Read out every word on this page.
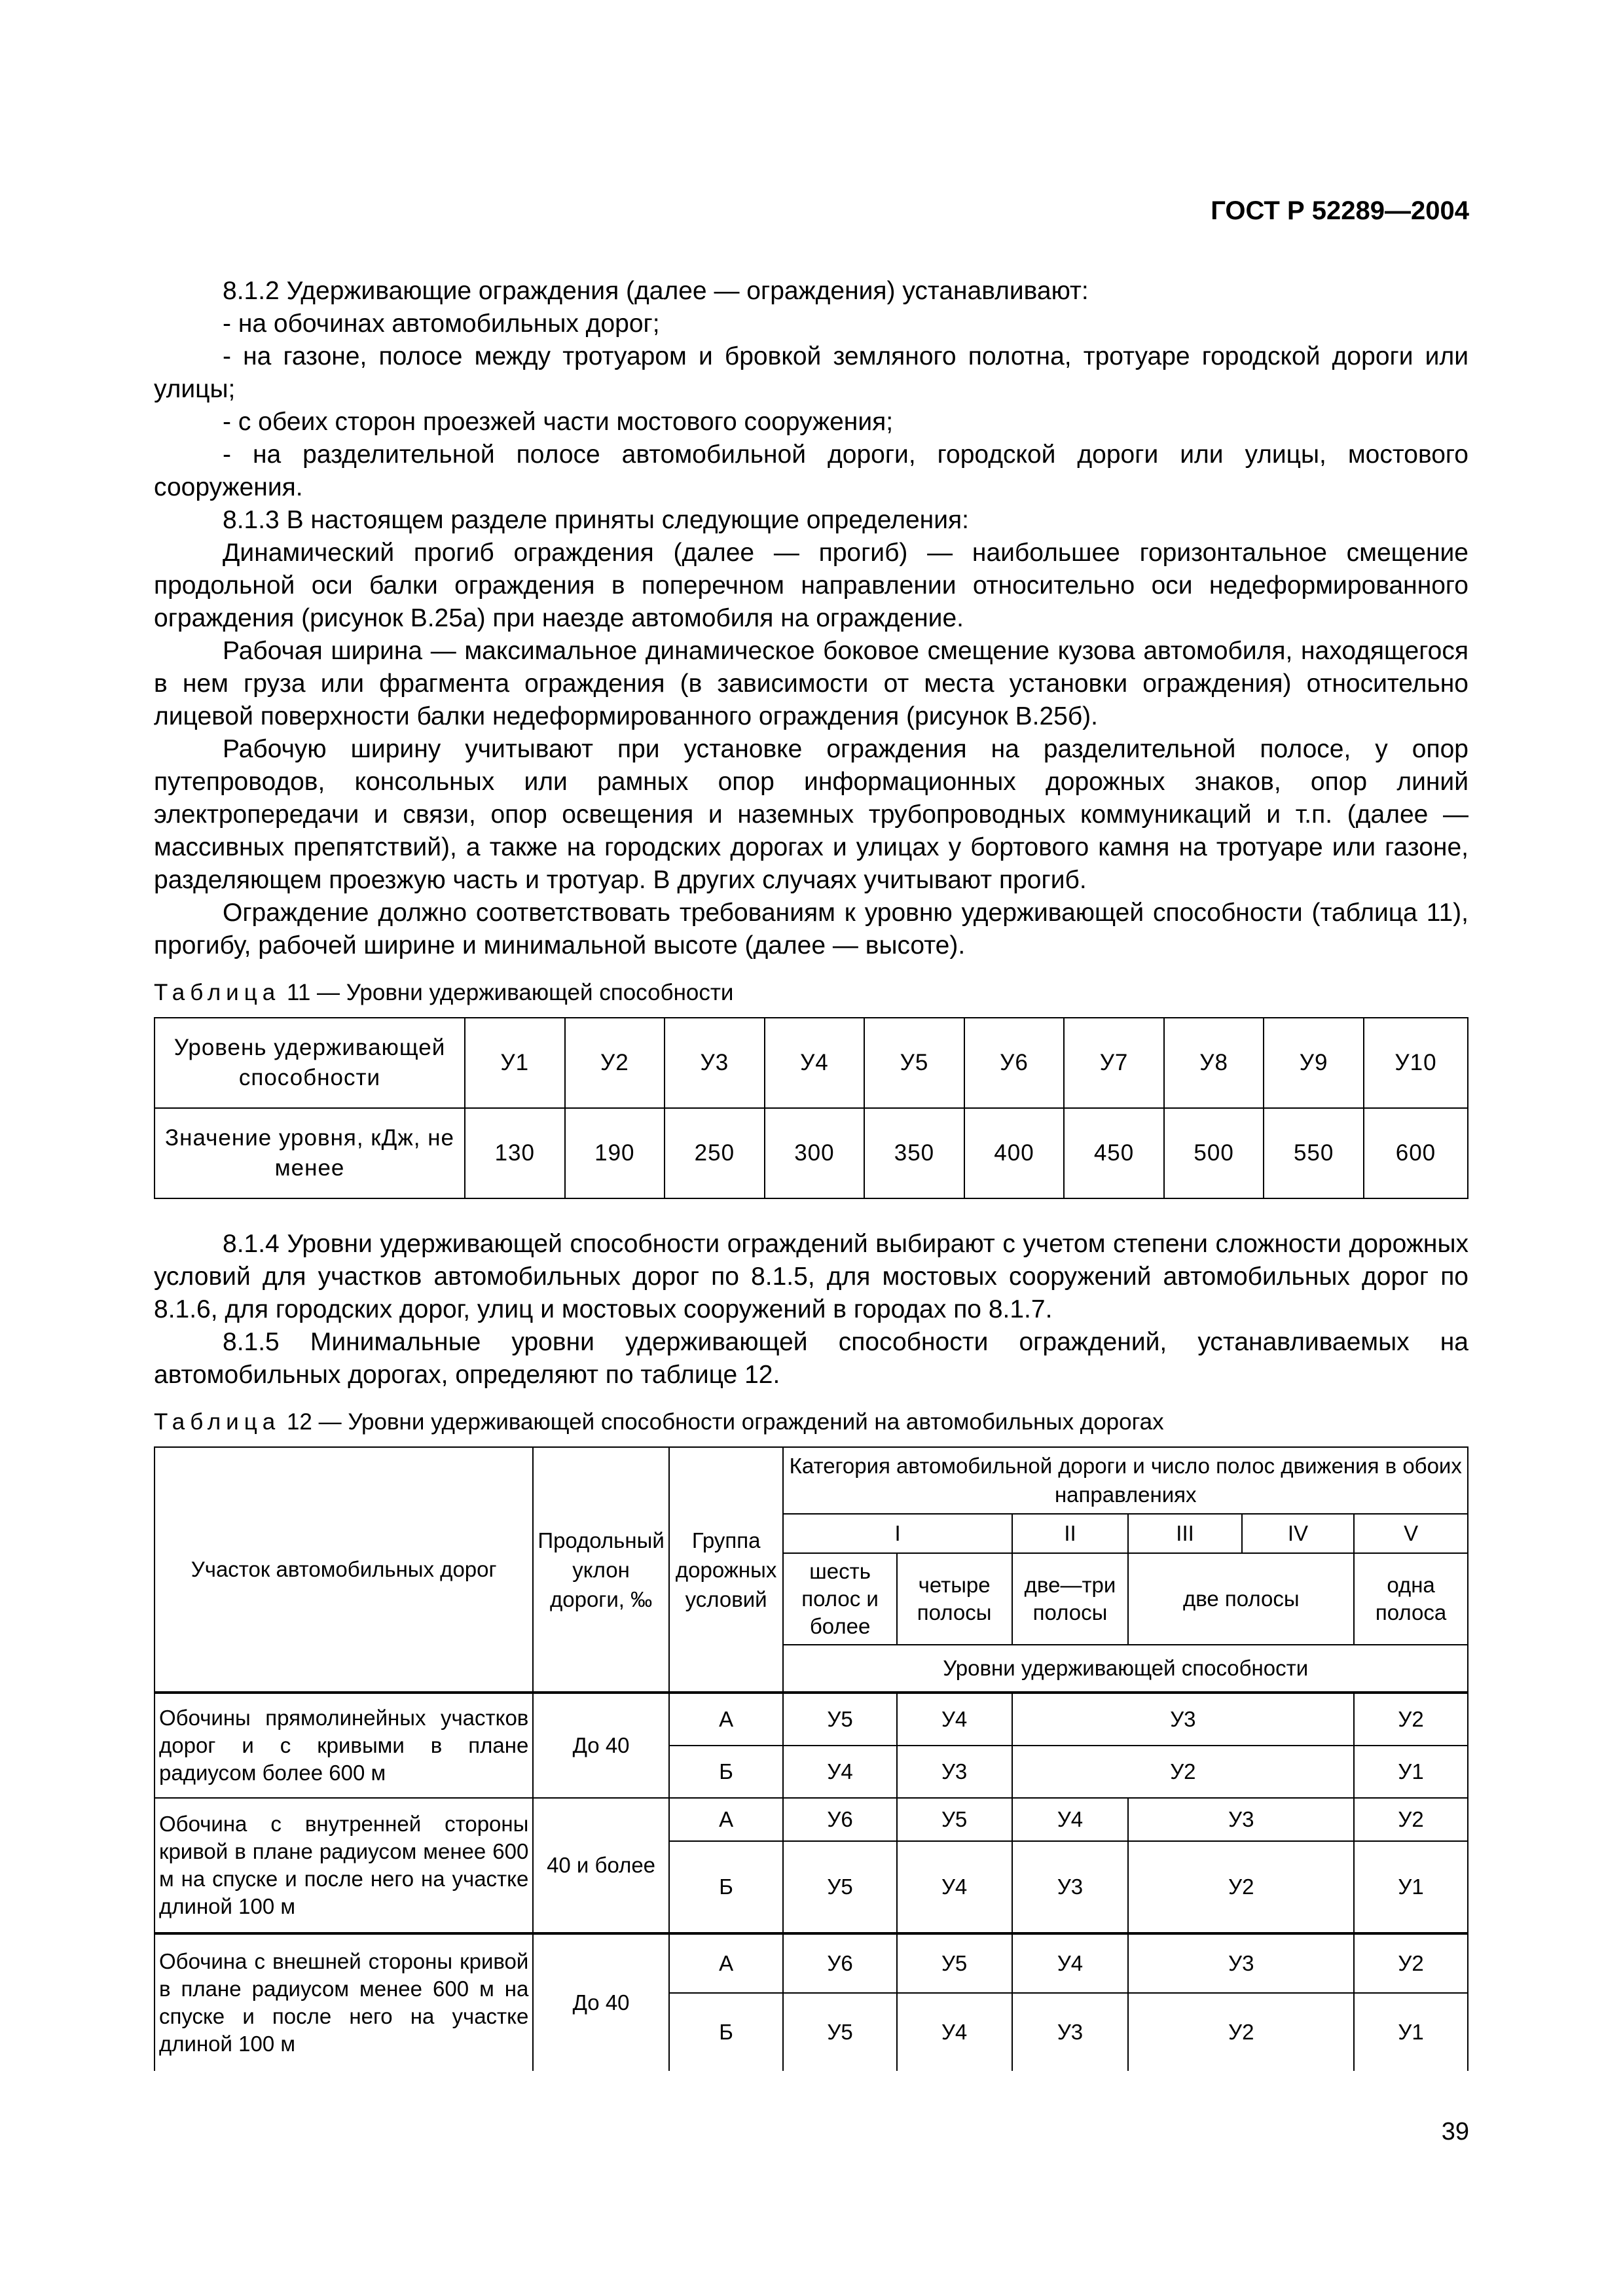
ГОСТ Р 52289—2004

8.1.2 Удерживающие ограждения (далее — ограждения) устанавливают:

- на обочинах автомобильных дорог;

- на газоне, полосе между тротуаром и бровкой земляного полотна, тротуаре городской дороги или улицы;

- с обеих сторон проезжей части мостового сооружения;

- на разделительной полосе автомобильной дороги, городской дороги или улицы, мостового сооружения.

8.1.3 В настоящем разделе приняты следующие определения:

Динамический прогиб ограждения (далее — прогиб) — наибольшее горизонтальное смещение продольной оси балки ограждения в поперечном направлении относительно оси недеформированного ограждения (рисунок В.25а) при наезде автомобиля на ограждение.

Рабочая ширина — максимальное динамическое боковое смещение кузова автомобиля, находящегося в нем груза или фрагмента ограждения (в зависимости от места установки ограждения) относительно лицевой поверхности балки недеформированного ограждения (рисунок В.25б).

Рабочую ширину учитывают при установке ограждения на разделительной полосе, у опор путепроводов, консольных или рамных опор информационных дорожных знаков, опор линий электропередачи и связи, опор освещения и наземных трубопроводных коммуникаций и т.п. (далее — массивных препятствий), а также на городских дорогах и улицах у бортового камня на тротуаре или газоне, разделяющем проезжую часть и тротуар. В других случаях учитывают прогиб.

Ограждение должно соответствовать требованиям к уровню удерживающей способности (таблица 11), прогибу, рабочей ширине и минимальной высоте (далее — высоте).

Таблица 11 — Уровни удерживающей способности
Уровень удерживающей способности	У1	У2	У3	У4	У5	У6	У7	У8	У9	У10
Значение уровня, кДж, не менее	130	190	250	300	350	400	450	500	550	600

8.1.4 Уровни удерживающей способности ограждений выбирают с учетом степени сложности дорожных условий для участков автомобильных дорог по 8.1.5, для мостовых сооружений автомобильных дорог по 8.1.6, для городских дорог, улиц и мостовых сооружений в городах по 8.1.7.

8.1.5 Минимальные уровни удерживающей способности ограждений, устанавливаемых на автомобильных дорогах, определяют по таблице 12.

Таблица 12 — Уровни удерживающей способности ограждений на автомобильных дорогах
Участок автомобильных дорог	Продольный уклон дороги, ‰	Группа дорожных условий	Категория автомобильной дороги и число полос движения в обоих направлениях					
			I		II	III	IV	V
			шесть полос и более	четыре полосы	две—три полосы	две полосы		одна полоса
			Уровни удерживающей способности					
Обочины прямолинейных участков дорог и с кривыми в плане радиусом более 600 м	До 40	А	У5	У4	У3			У2
		Б	У4	У3	У2			У1
Обочина с внутренней стороны кривой в плане радиусом менее 600 м на спуске и после него на участке длиной 100 м	40 и более	А	У6	У5	У4	У3		У2
		Б	У5	У4	У3	У2		У1
Обочина с внешней стороны кривой в плане радиусом менее 600 м на спуске и после него на участке длиной 100 м	До 40	А	У6	У5	У4	У3		У2
		Б	У5	У4	У3	У2		У1
39
